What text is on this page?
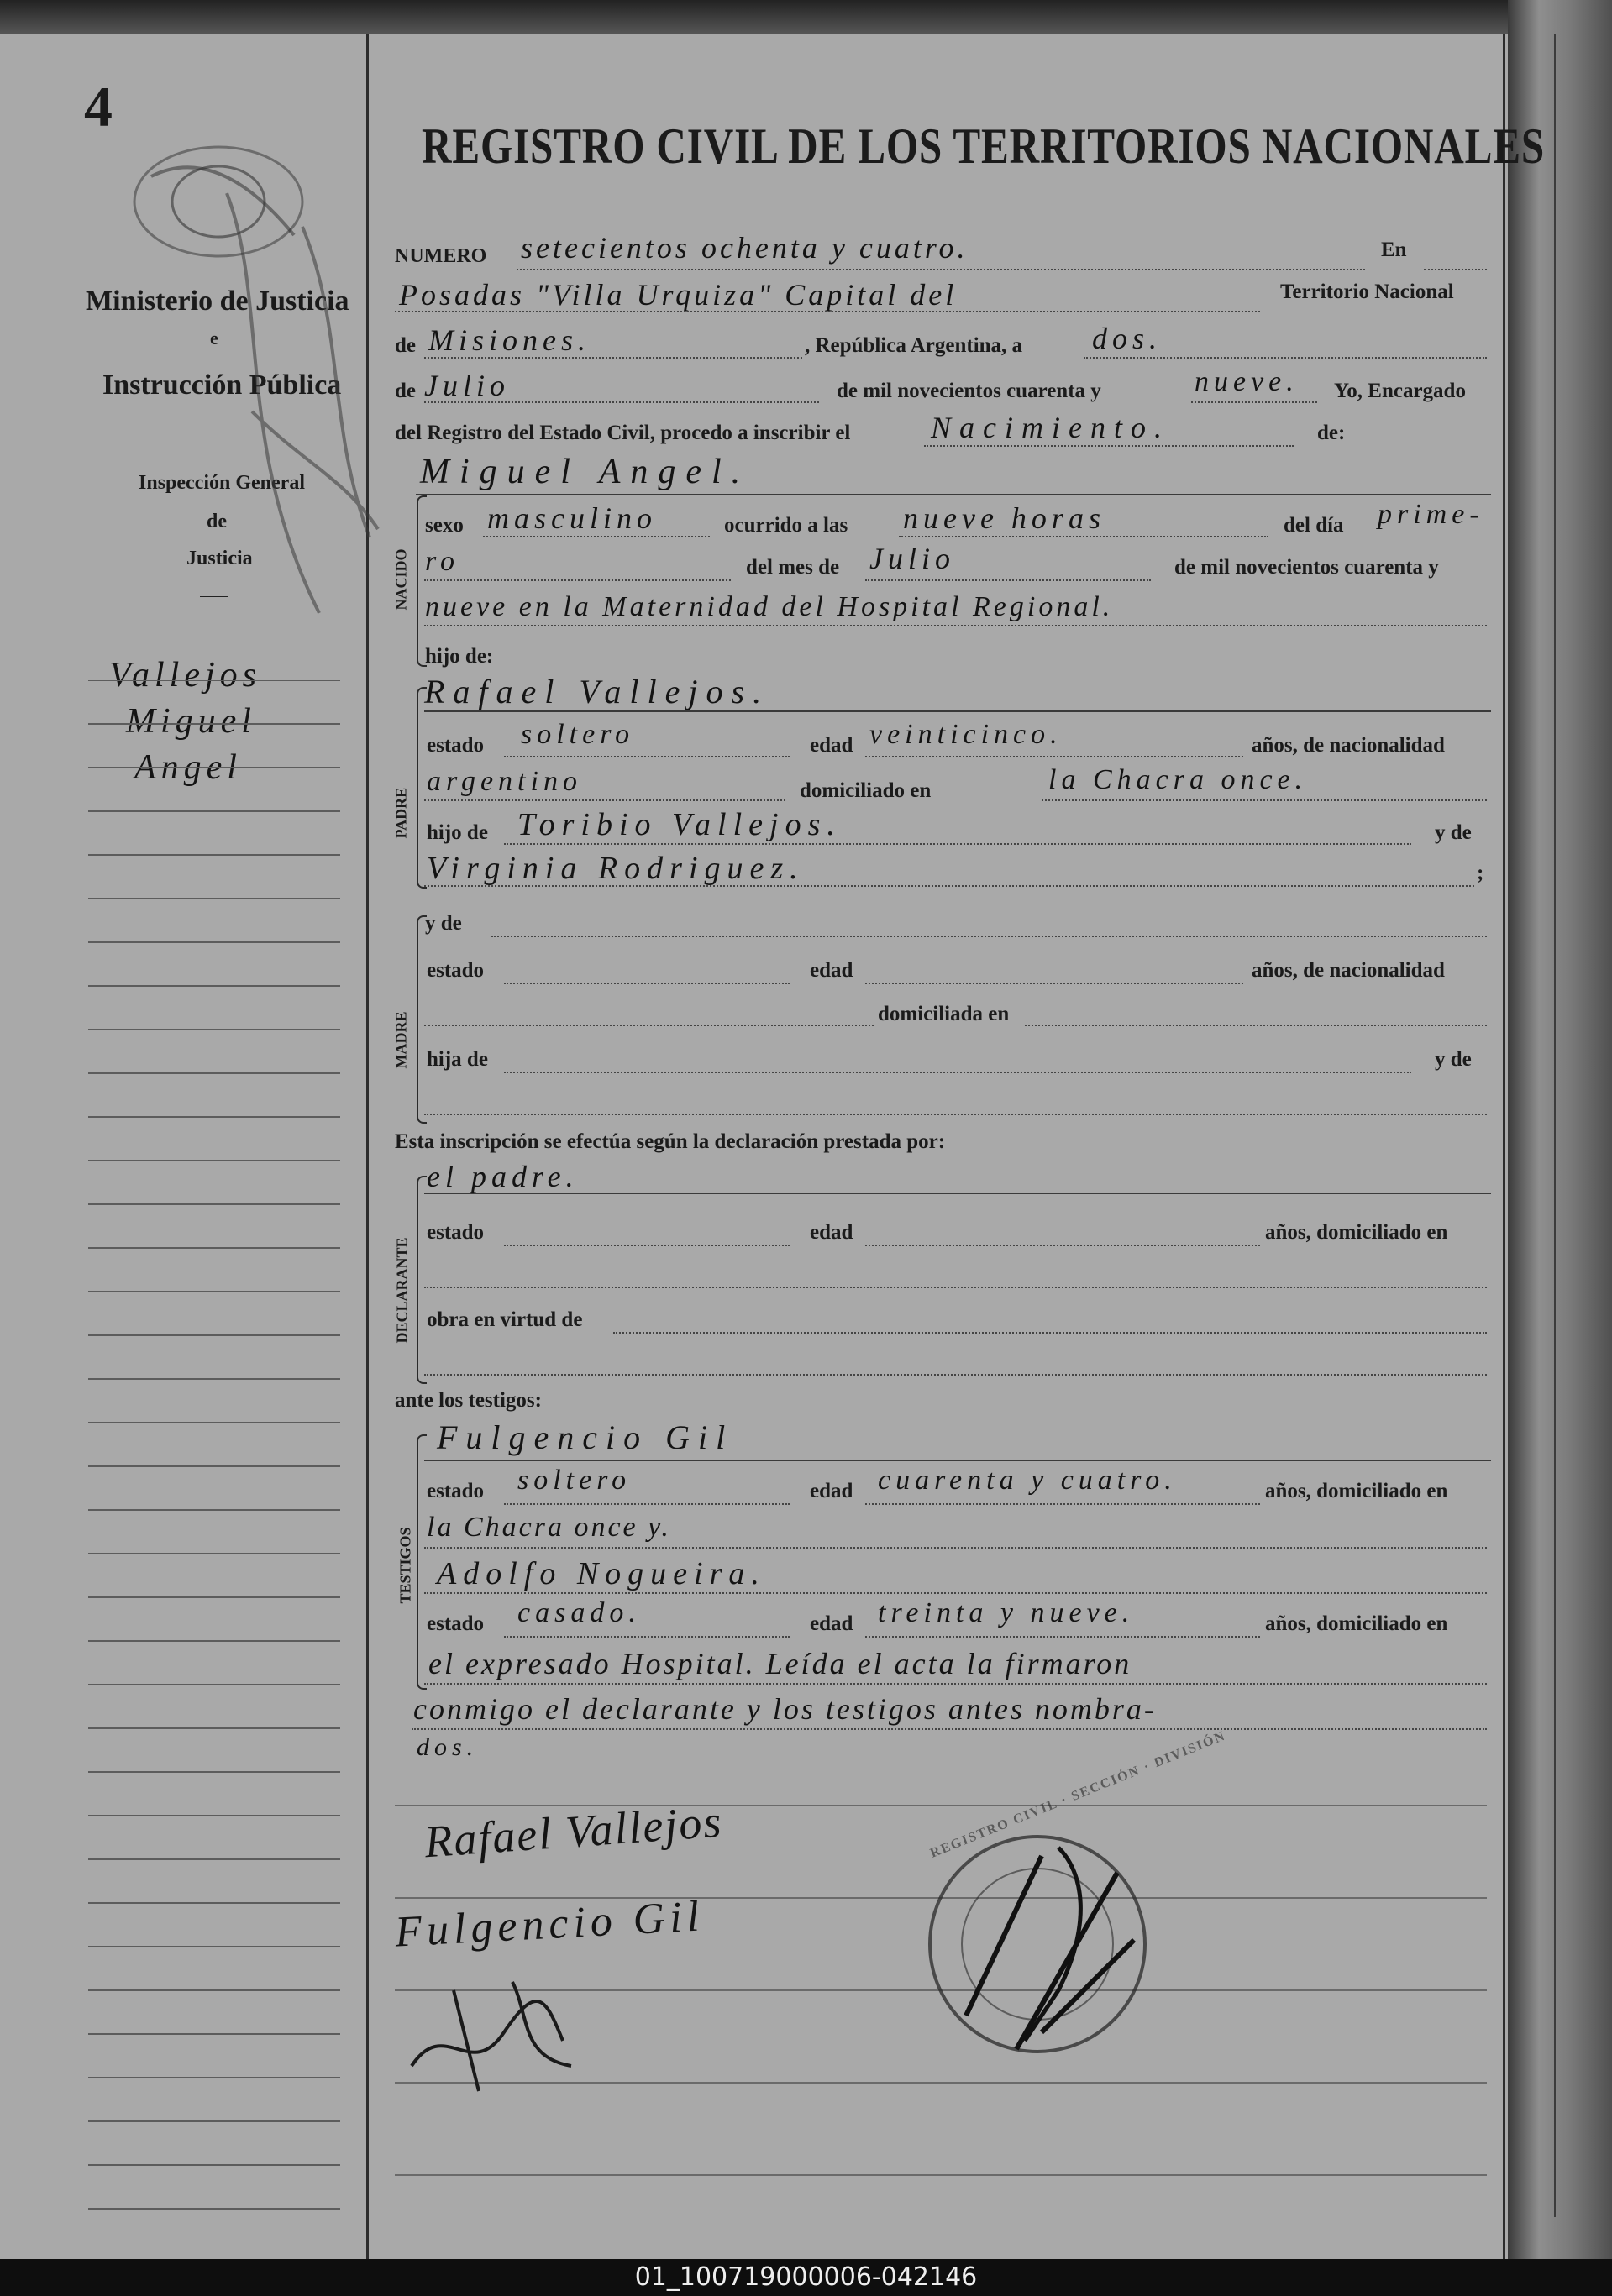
4
Ministerio de Justicia
e
Instrucción Pública
Inspección General
de
Justicia
Vallejos
Miguel
Angel
REGISTRO CIVIL DE LOS TERRITORIOS NACIONALES
NUMERO setecientos ochenta y cuatro.	En
Posadas "Villa Urquiza" Capital del	Territorio Nacional
de Misiones.	, República Argentina, a dos.
de Julio	de mil novecientos cuarenta y	nueve. Yo, Encargado
del Registro del Estado Civil, procedo a inscribir el	Nacimiento.	de:
Miguel Angel.
NACIDO
sexo masculino	ocurrido a las nueve horas	del día prime-
ro	del mes de Julio	de mil novecientos cuarenta y
nueve en la Maternidad del Hospital Regional.
hijo de:
PADRE
Rafael Vallejos.
estado soltero	edad veinticinco.	años, de nacionalidad
argentino	domiciliado en	la Chacra once.
hijo de Toribio Vallejos.	y de
Virginia Rodriguez.	;
MADRE
y de
estado	edad	años, de nacionalidad
domiciliada en
hija de	y de
Esta inscripción se efectúa según la declaración prestada por:
DECLARANTE
el padre.
estado	edad	años, domiciliado en
obra en virtud de
ante los testigos:
TESTIGOS
Fulgencio Gil
estado soltero	edad cuarenta y cuatro.	años, domiciliado en
la Chacra once y.
Adolfo Nogueira.
estado casado.	edad treinta y nueve.	años, domiciliado en
el expresado Hospital. Leída el acta la firmaron
conmigo el declarante y los testigos antes nombra-
dos.
Rafael Vallejos
Fulgencio Gil
REGISTRO CIVIL · SECCIÓN · DIVISIÓN
01_100719000006-042146
